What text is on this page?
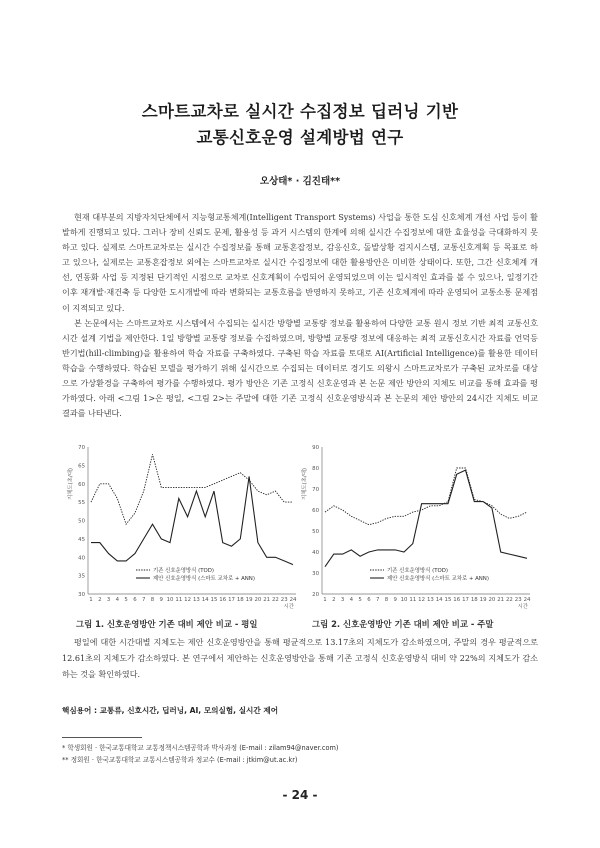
스마트교차로 실시간 수집정보 딥러닝 기반
교통신호운영 설계방법 연구
오상태* · 김진태**

현재 대부분의 지방자치단체에서 지능형교통체계(Intelligent Transport Systems) 사업을 통한 도심 신호체계 개선 사업 등이 활발하게 진행되고 있다. 그러나 장비 신뢰도 문제, 활용성 등 과거 시스템의 한계에 의해 실시간 수집정보에 대한 효율성을 극대화하지 못하고 있다. 실제로 스마트교차로는 실시간 수집정보를 통해 교통혼잡정보, 감응신호, 돌발상황 검지시스템, 교통신호계획 등 목표로 하고 있으나, 실제로는 교통혼잡정보 외에는 스마트교차로 실시간 수집정보에 대한 활용방안은 미비한 상태이다. 또한, 그간 신호체계 개선, 연동화 사업 등 지정된 단기적인 시점으로 교차로 신호계획이 수립되어 운영되었으며 이는 일시적인 효과를 볼 수 있으나, 일정기간 이후 재개발·재건축 등 다양한 도시개발에 따라 변화되는 교통흐름을 반영하지 못하고, 기존 신호체계에 따라 운영되어 교통소통 문제점이 지적되고 있다.

본 논문에서는 스마트교차로 시스템에서 수집되는 실시간 방향별 교통량 정보를 활용하여 다양한 교통 원시 정보 기반 최적 교통신호시간 설계 기법을 제안한다. 1일 방향별 교통량 정보를 수집하였으며, 방향별 교통량 정보에 대응하는 최적 교통신호시간 자료를 언덕등반기법(hill-climbing)을 활용하여 학습 자료를 구축하였다. 구축된 학습 자료를 토대로 AI(Artificial Intelligence)를 활용한 데이터 학습을 수행하였다. 학습된 모델을 평가하기 위해 실시간으로 수집되는 데이터로 경기도 의왕시 스마트교차로가 구축된 교차로를 대상으로 가상환경을 구축하여 평가를 수행하였다. 평가 방안은 기존 고정식 신호운영과 본 논문 제안 방안의 지체도 비교를 통해 효과를 평가하였다. 아래 <그림 1>은 평일, <그림 2>는 주말에 대한 기존 고정식 신호운영방식과 본 논문의 제안 방안의 24시간 지체도 비교 결과를 나타낸다.

30
35
40
45
50
55
60
65
70
1 2 3 4 5 6 7 8 9 10 11 12 13 14 15 16 17 18 19 20 21 22 23 24
시간
지체도(초/대)
기존 신호운영방식 (TOD)
제안 신호운영방식 (스마트 교차로 + ANN)
20
30
40
50
60
70
80
90
1 2 3 4 5 6 7 8 9 10 11 12 13 14 15 16 17 18 19 20 21 22 23 24
시간
지체도(초/대)
기존 신호운영방식 (TOD)
제안 신호운영방식 (스마트 교차로 + ANN)
그림 1. 신호운영방안 기존 대비 제안 비교 - 평일	그림 2. 신호운영방안 기존 대비 제안 비교 - 주말

평일에 대한 시간대별 지체도는 제안 신호운영방안을 통해 평균적으로 13.17초의 지체도가 감소하였으며, 주말의 경우 평균적으로 12.61초의 지체도가 감소하였다. 본 연구에서 제안하는 신호운영방안을 통해 기존 고정식 신호운영방식 대비 약 22%의 지체도가 감소하는 것을 확인하였다.

핵심용어 : 교통류, 신호시간, 딥러닝, AI, 모의실험, 실시간 제어
* 학생회원 · 한국교통대학교 교통정책시스템공학과 박사과정 (E-mail : zilam94@naver.com)
** 정회원 · 한국교통대학교 교통시스템공학과 정교수 (E-mail : jtkim@ut.ac.kr)
- 24 -
